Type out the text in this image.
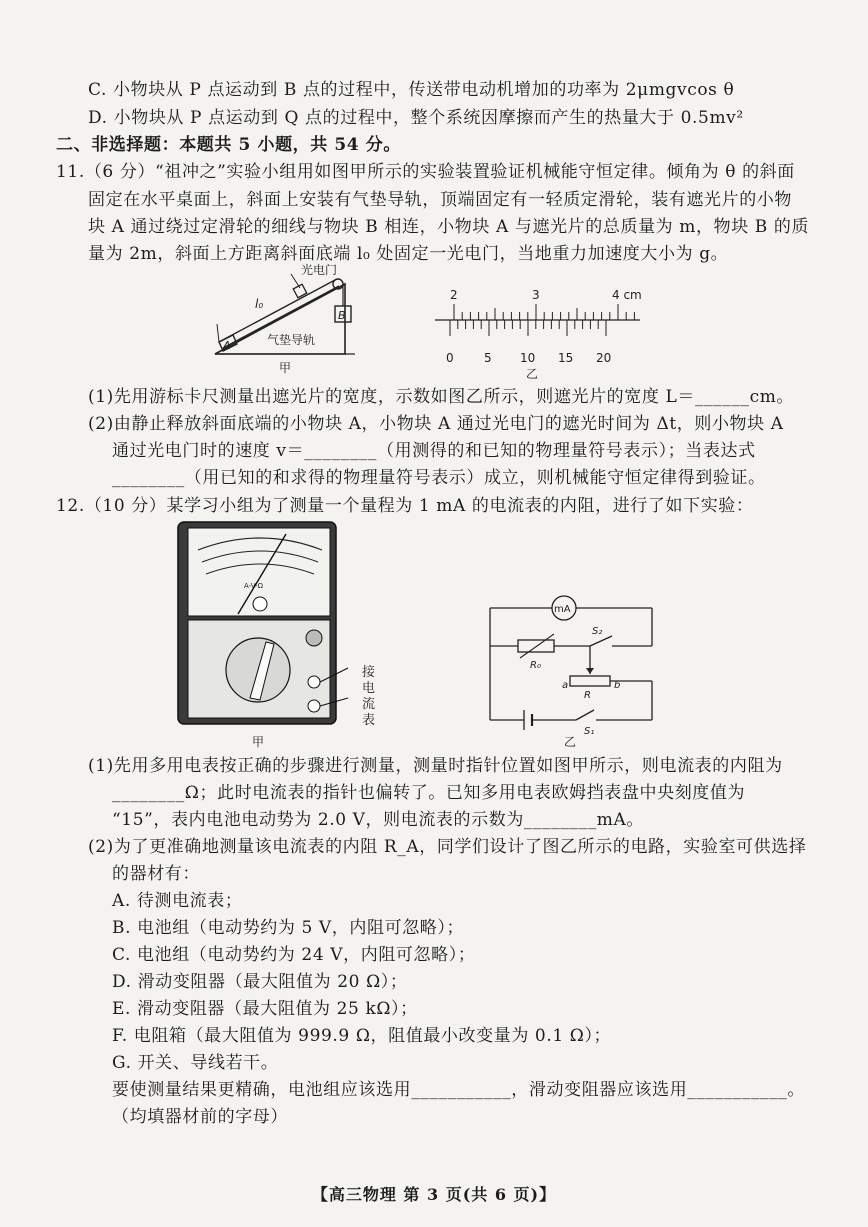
C. 小物块从 P 点运动到 B 点的过程中，传送带电动机增加的功率为 2μmgvcos θ
D. 小物块从 P 点运动到 Q 点的过程中，整个系统因摩擦而产生的热量大于 0.5mv²
二、非选择题：本题共 5 小题，共 54 分。
11.（6 分）“祖冲之”实验小组用如图甲所示的实验装置验证机械能守恒定律。倾角为 θ 的斜面
固定在水平桌面上，斜面上安装有气垫导轨，顶端固定有一轻质定滑轮，装有遮光片的小物
块 A 通过绕过定滑轮的细线与物块 B 相连，小物块 A 与遮光片的总质量为 m，物块 B 的质
量为 2m，斜面上方距离斜面底端 l₀ 处固定一光电门，当地重力加速度大小为 g。
光电门
l₀
气垫导轨
A
B
甲
2	3	4 cm
0	5 10 15 20
乙
(1)先用游标卡尺测量出遮光片的宽度，示数如图乙所示，则遮光片的宽度 L＝______cm。
(2)由静止释放斜面底端的小物块 A，小物块 A 通过光电门的遮光时间为 Δt，则小物块 A
通过光电门时的速度 v＝________（用测得的和已知的物理量符号表示）；当表达式
________（用已知的和求得的物理量符号表示）成立，则机械能守恒定律得到验证。
12.（10 分）某学习小组为了测量一个量程为 1 mA 的电流表的内阻，进行了如下实验：
A-V-Ω
接
电
流
表
甲
mA
R₀
S₂
a
R
b
S₁
乙
(1)先用多用电表按正确的步骤进行测量，测量时指针位置如图甲所示，则电流表的内阻为
________Ω；此时电流表的指针也偏转了。已知多用电表欧姆挡表盘中央刻度值为
“15”，表内电池电动势为 2.0 V，则电流表的示数为________mA。
(2)为了更准确地测量该电流表的内阻 R_A，同学们设计了图乙所示的电路，实验室可供选择
的器材有：
A. 待测电流表；
B. 电池组（电动势约为 5 V，内阻可忽略）；
C. 电池组（电动势约为 24 V，内阻可忽略）；
D. 滑动变阻器（最大阻值为 20 Ω）；
E. 滑动变阻器（最大阻值为 25 kΩ）；
F. 电阻箱（最大阻值为 999.9 Ω，阻值最小改变量为 0.1 Ω）；
G. 开关、导线若干。
要使测量结果更精确，电池组应该选用___________，滑动变阻器应该选用___________。
（均填器材前的字母）
【高三物理 第 3 页(共 6 页)】
